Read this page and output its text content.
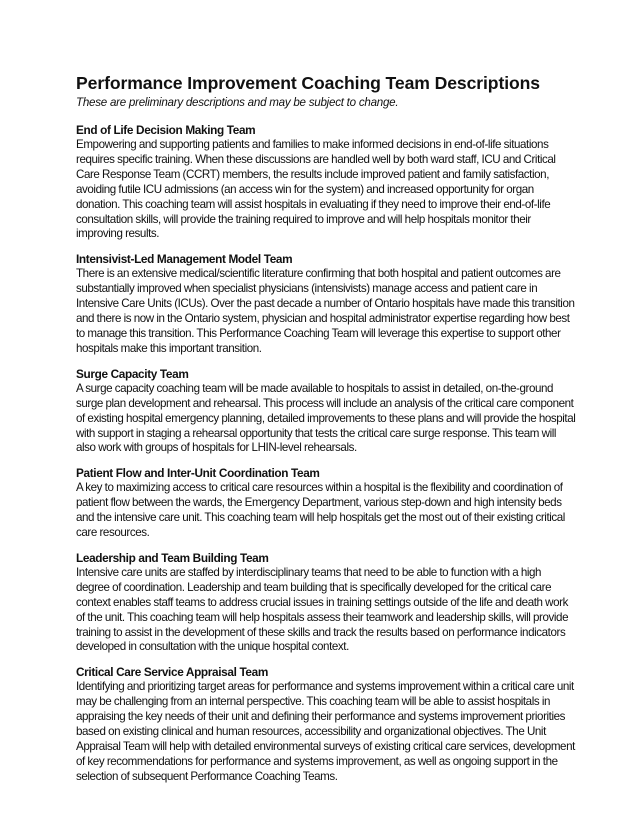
Performance Improvement Coaching Team Descriptions

These are preliminary descriptions and may be subject to change.

End of Life Decision Making Team
Empowering and supporting patients and families to make informed decisions in end-of-life situations
requires specific training. When these discussions are handled well by both ward staff, ICU and Critical
Care Response Team (CCRT) members, the results include improved patient and family satisfaction,
avoiding futile ICU admissions (an access win for the system) and increased opportunity for organ
donation. This coaching team will assist hospitals in evaluating if they need to improve their end-of-life
consultation skills, will provide the training required to improve and will help hospitals monitor their
improving results.
Intensivist-Led Management Model Team
There is an extensive medical/scientific literature confirming that both hospital and patient outcomes are
substantially improved when specialist physicians (intensivists) manage access and patient care in
Intensive Care Units (ICUs). Over the past decade a number of Ontario hospitals have made this transition
and there is now in the Ontario system, physician and hospital administrator expertise regarding how best
to manage this transition. This Performance Coaching Team will leverage this expertise to support other
hospitals make this important transition.
Surge Capacity Team
A surge capacity coaching team will be made available to hospitals to assist in detailed, on-the-ground
surge plan development and rehearsal. This process will include an analysis of the critical care component
of existing hospital emergency planning, detailed improvements to these plans and will provide the hospital
with support in staging a rehearsal opportunity that tests the critical care surge response. This team will
also work with groups of hospitals for LHIN-level rehearsals.
Patient Flow and Inter-Unit Coordination Team
A key to maximizing access to critical care resources within a hospital is the flexibility and coordination of
patient flow between the wards, the Emergency Department, various step-down and high intensity beds
and the intensive care unit. This coaching team will help hospitals get the most out of their existing critical
care resources.
Leadership and Team Building Team
Intensive care units are staffed by interdisciplinary teams that need to be able to function with a high
degree of coordination. Leadership and team building that is specifically developed for the critical care
context enables staff teams to address crucial issues in training settings outside of the life and death work
of the unit. This coaching team will help hospitals assess their teamwork and leadership skills, will provide
training to assist in the development of these skills and track the results based on performance indicators
developed in consultation with the unique hospital context.
Critical Care Service Appraisal Team
Identifying and prioritizing target areas for performance and systems improvement within a critical care unit
may be challenging from an internal perspective. This coaching team will be able to assist hospitals in
appraising the key needs of their unit and defining their performance and systems improvement priorities
based on existing clinical and human resources, accessibility and organizational objectives. The Unit
Appraisal Team will help with detailed environmental surveys of existing critical care services, development
of key recommendations for performance and systems improvement, as well as ongoing support in the
selection of subsequent Performance Coaching Teams.
